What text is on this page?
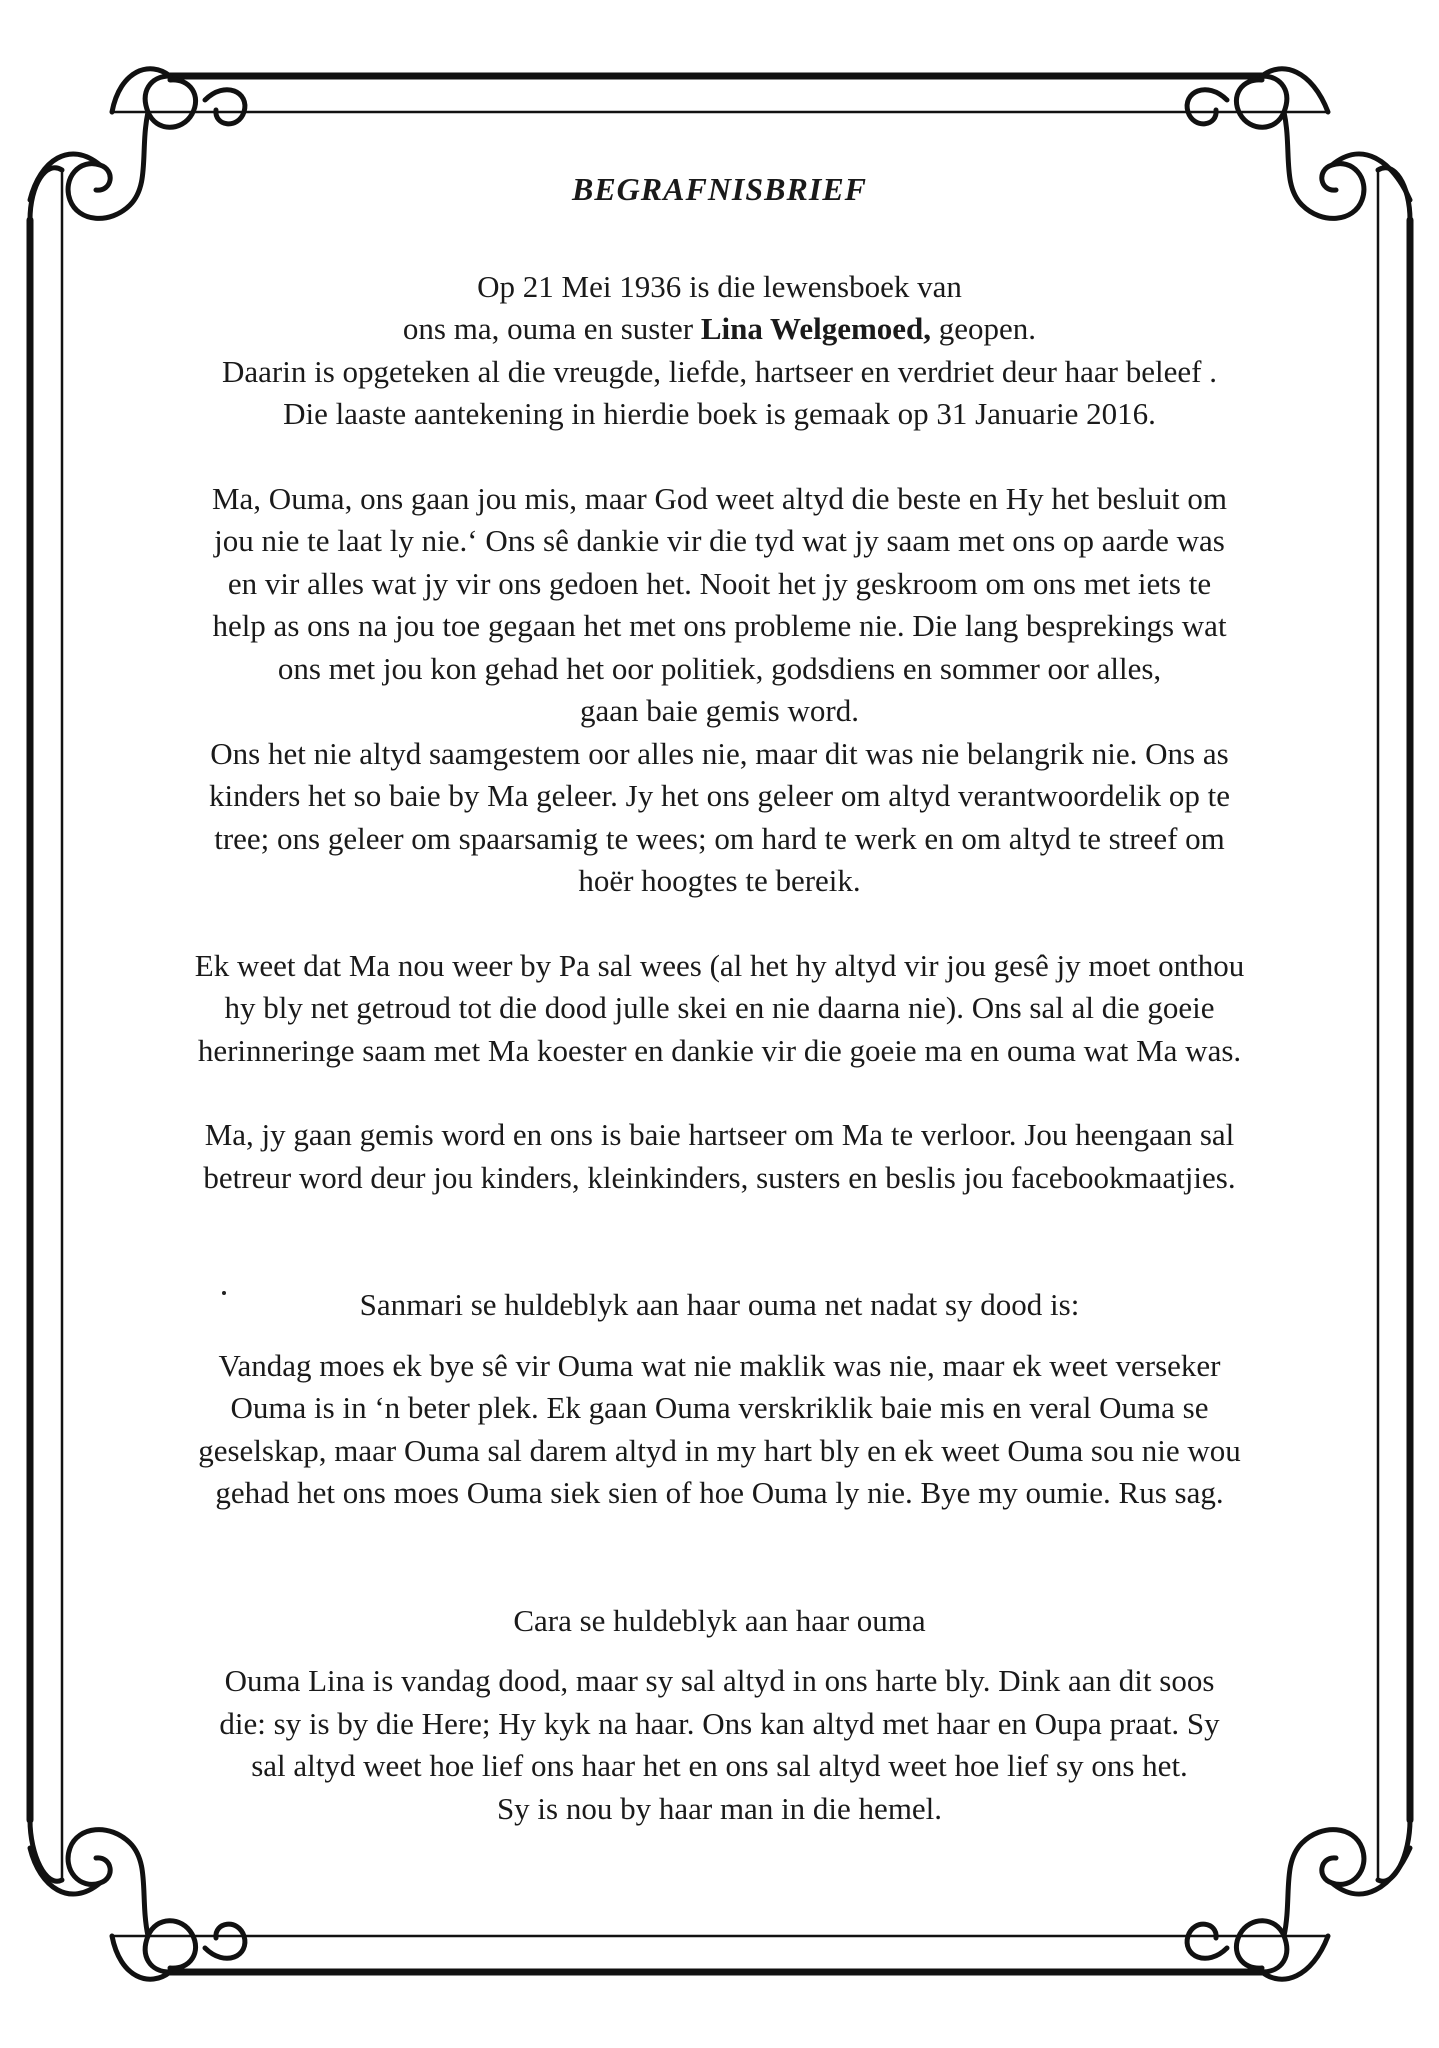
BEGRAFNISBRIEF
Op 21 Mei 1936 is die lewensboek van
ons ma, ouma en suster Lina Welgemoed, geopen.
Daarin is opgeteken al die vreugde, liefde, hartseer en verdriet deur haar beleef .
Die laaste aantekening in hierdie boek is gemaak op 31 Januarie 2016.
Ma, Ouma, ons gaan jou mis, maar God weet altyd die beste en Hy het besluit om
jou nie te laat ly nie.‘ Ons sê dankie vir die tyd wat jy saam met ons op aarde was
en vir alles wat jy vir ons gedoen het. Nooit het jy geskroom om ons met iets te
help as ons na jou toe gegaan het met ons probleme nie. Die lang besprekings wat
ons met jou kon gehad het oor politiek, godsdiens en sommer oor alles,
gaan baie gemis word.
Ons het nie altyd saamgestem oor alles nie, maar dit was nie belangrik nie. Ons as
kinders het so baie by Ma geleer. Jy het ons geleer om altyd verantwoordelik op te
tree; ons geleer om spaarsamig te wees; om hard te werk en om altyd te streef om
hoër hoogtes te bereik.
Ek weet dat Ma nou weer by Pa sal wees (al het hy altyd vir jou gesê jy moet onthou
hy bly net getroud tot die dood julle skei en nie daarna nie). Ons sal al die goeie
herinneringe saam met Ma koester en dankie vir die goeie ma en ouma wat Ma was.
Ma, jy gaan gemis word en ons is baie hartseer om Ma te verloor. Jou heengaan sal
betreur word deur jou kinders, kleinkinders, susters en beslis jou facebookmaatjies.
Sanmari se huldeblyk aan haar ouma net nadat sy dood is:
Vandag moes ek bye sê vir Ouma wat nie maklik was nie, maar ek weet verseker
Ouma is in ‘n beter plek. Ek gaan Ouma verskriklik baie mis en veral Ouma se
geselskap, maar Ouma sal darem altyd in my hart bly en ek weet Ouma sou nie wou
gehad het ons moes Ouma siek sien of hoe Ouma ly nie. Bye my oumie. Rus sag.
Cara se huldeblyk aan haar ouma
Ouma Lina is vandag dood, maar sy sal altyd in ons harte bly. Dink aan dit soos
die: sy is by die Here; Hy kyk na haar. Ons kan altyd met haar en Oupa praat. Sy
sal altyd weet hoe lief ons haar het en ons sal altyd weet hoe lief sy ons het.
Sy is nou by haar man in die hemel.
